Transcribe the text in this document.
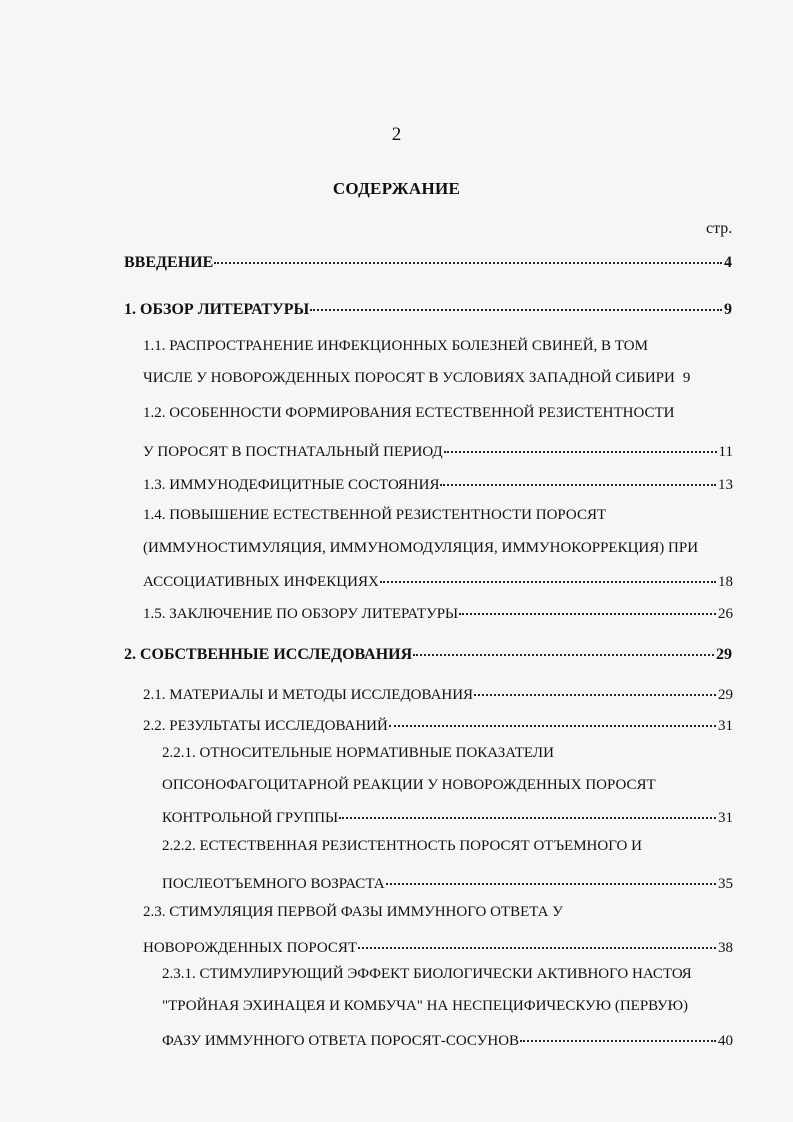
2
СОДЕРЖАНИЕ
стр.
ВВЕДЕНИЕ	4
1. ОБЗОР ЛИТЕРАТУРЫ	9
1.1. РАСПРОСТРАНЕНИЕ ИНФЕКЦИОННЫХ БОЛЕЗНЕЙ СВИНЕЙ, В ТОМ
ЧИСЛЕ У НОВОРОЖДЕННЫХ ПОРОСЯТ В УСЛОВИЯХ ЗАПАДНОЙ СИБИРИ 9
1.2. ОСОБЕННОСТИ ФОРМИРОВАНИЯ ЕСТЕСТВЕННОЙ РЕЗИСТЕНТНОСТИ
У ПОРОСЯТ В ПОСТНАТАЛЬНЫЙ ПЕРИОД	11
1.3. ИММУНОДЕФИЦИТНЫЕ СОСТОЯНИЯ	13
1.4. ПОВЫШЕНИЕ ЕСТЕСТВЕННОЙ РЕЗИСТЕНТНОСТИ ПОРОСЯТ
(ИММУНОСТИМУЛЯЦИЯ, ИММУНОМОДУЛЯЦИЯ, ИММУНОКОРРЕКЦИЯ) ПРИ
АССОЦИАТИВНЫХ ИНФЕКЦИЯХ	18
1.5. ЗАКЛЮЧЕНИЕ ПО ОБЗОРУ ЛИТЕРАТУРЫ	26
2. СОБСТВЕННЫЕ ИССЛЕДОВАНИЯ	29
2.1. МАТЕРИАЛЫ И МЕТОДЫ ИССЛЕДОВАНИЯ	29
2.2. РЕЗУЛЬТАТЫ ИССЛЕДОВАНИЙ	31
2.2.1. ОТНОСИТЕЛЬНЫЕ НОРМАТИВНЫЕ ПОКАЗАТЕЛИ
ОПСОНОФАГОЦИТАРНОЙ РЕАКЦИИ У НОВОРОЖДЕННЫХ ПОРОСЯТ
КОНТРОЛЬНОЙ ГРУППЫ	31
2.2.2. ЕСТЕСТВЕННАЯ РЕЗИСТЕНТНОСТЬ ПОРОСЯТ ОТЪЕМНОГО И
ПОСЛЕОТЪЕМНОГО ВОЗРАСТА	35
2.3. СТИМУЛЯЦИЯ ПЕРВОЙ ФАЗЫ ИММУННОГО ОТВЕТА У
НОВОРОЖДЕННЫХ ПОРОСЯТ	38
2.3.1. СТИМУЛИРУЮЩИЙ ЭФФЕКТ БИОЛОГИЧЕСКИ АКТИВНОГО НАСТОЯ
"ТРОЙНАЯ ЭХИНАЦЕЯ И КОМБУЧА" НА НЕСПЕЦИФИЧЕСКУЮ (ПЕРВУЮ)
ФАЗУ ИММУННОГО ОТВЕТА ПОРОСЯТ-СОСУНОВ	40
